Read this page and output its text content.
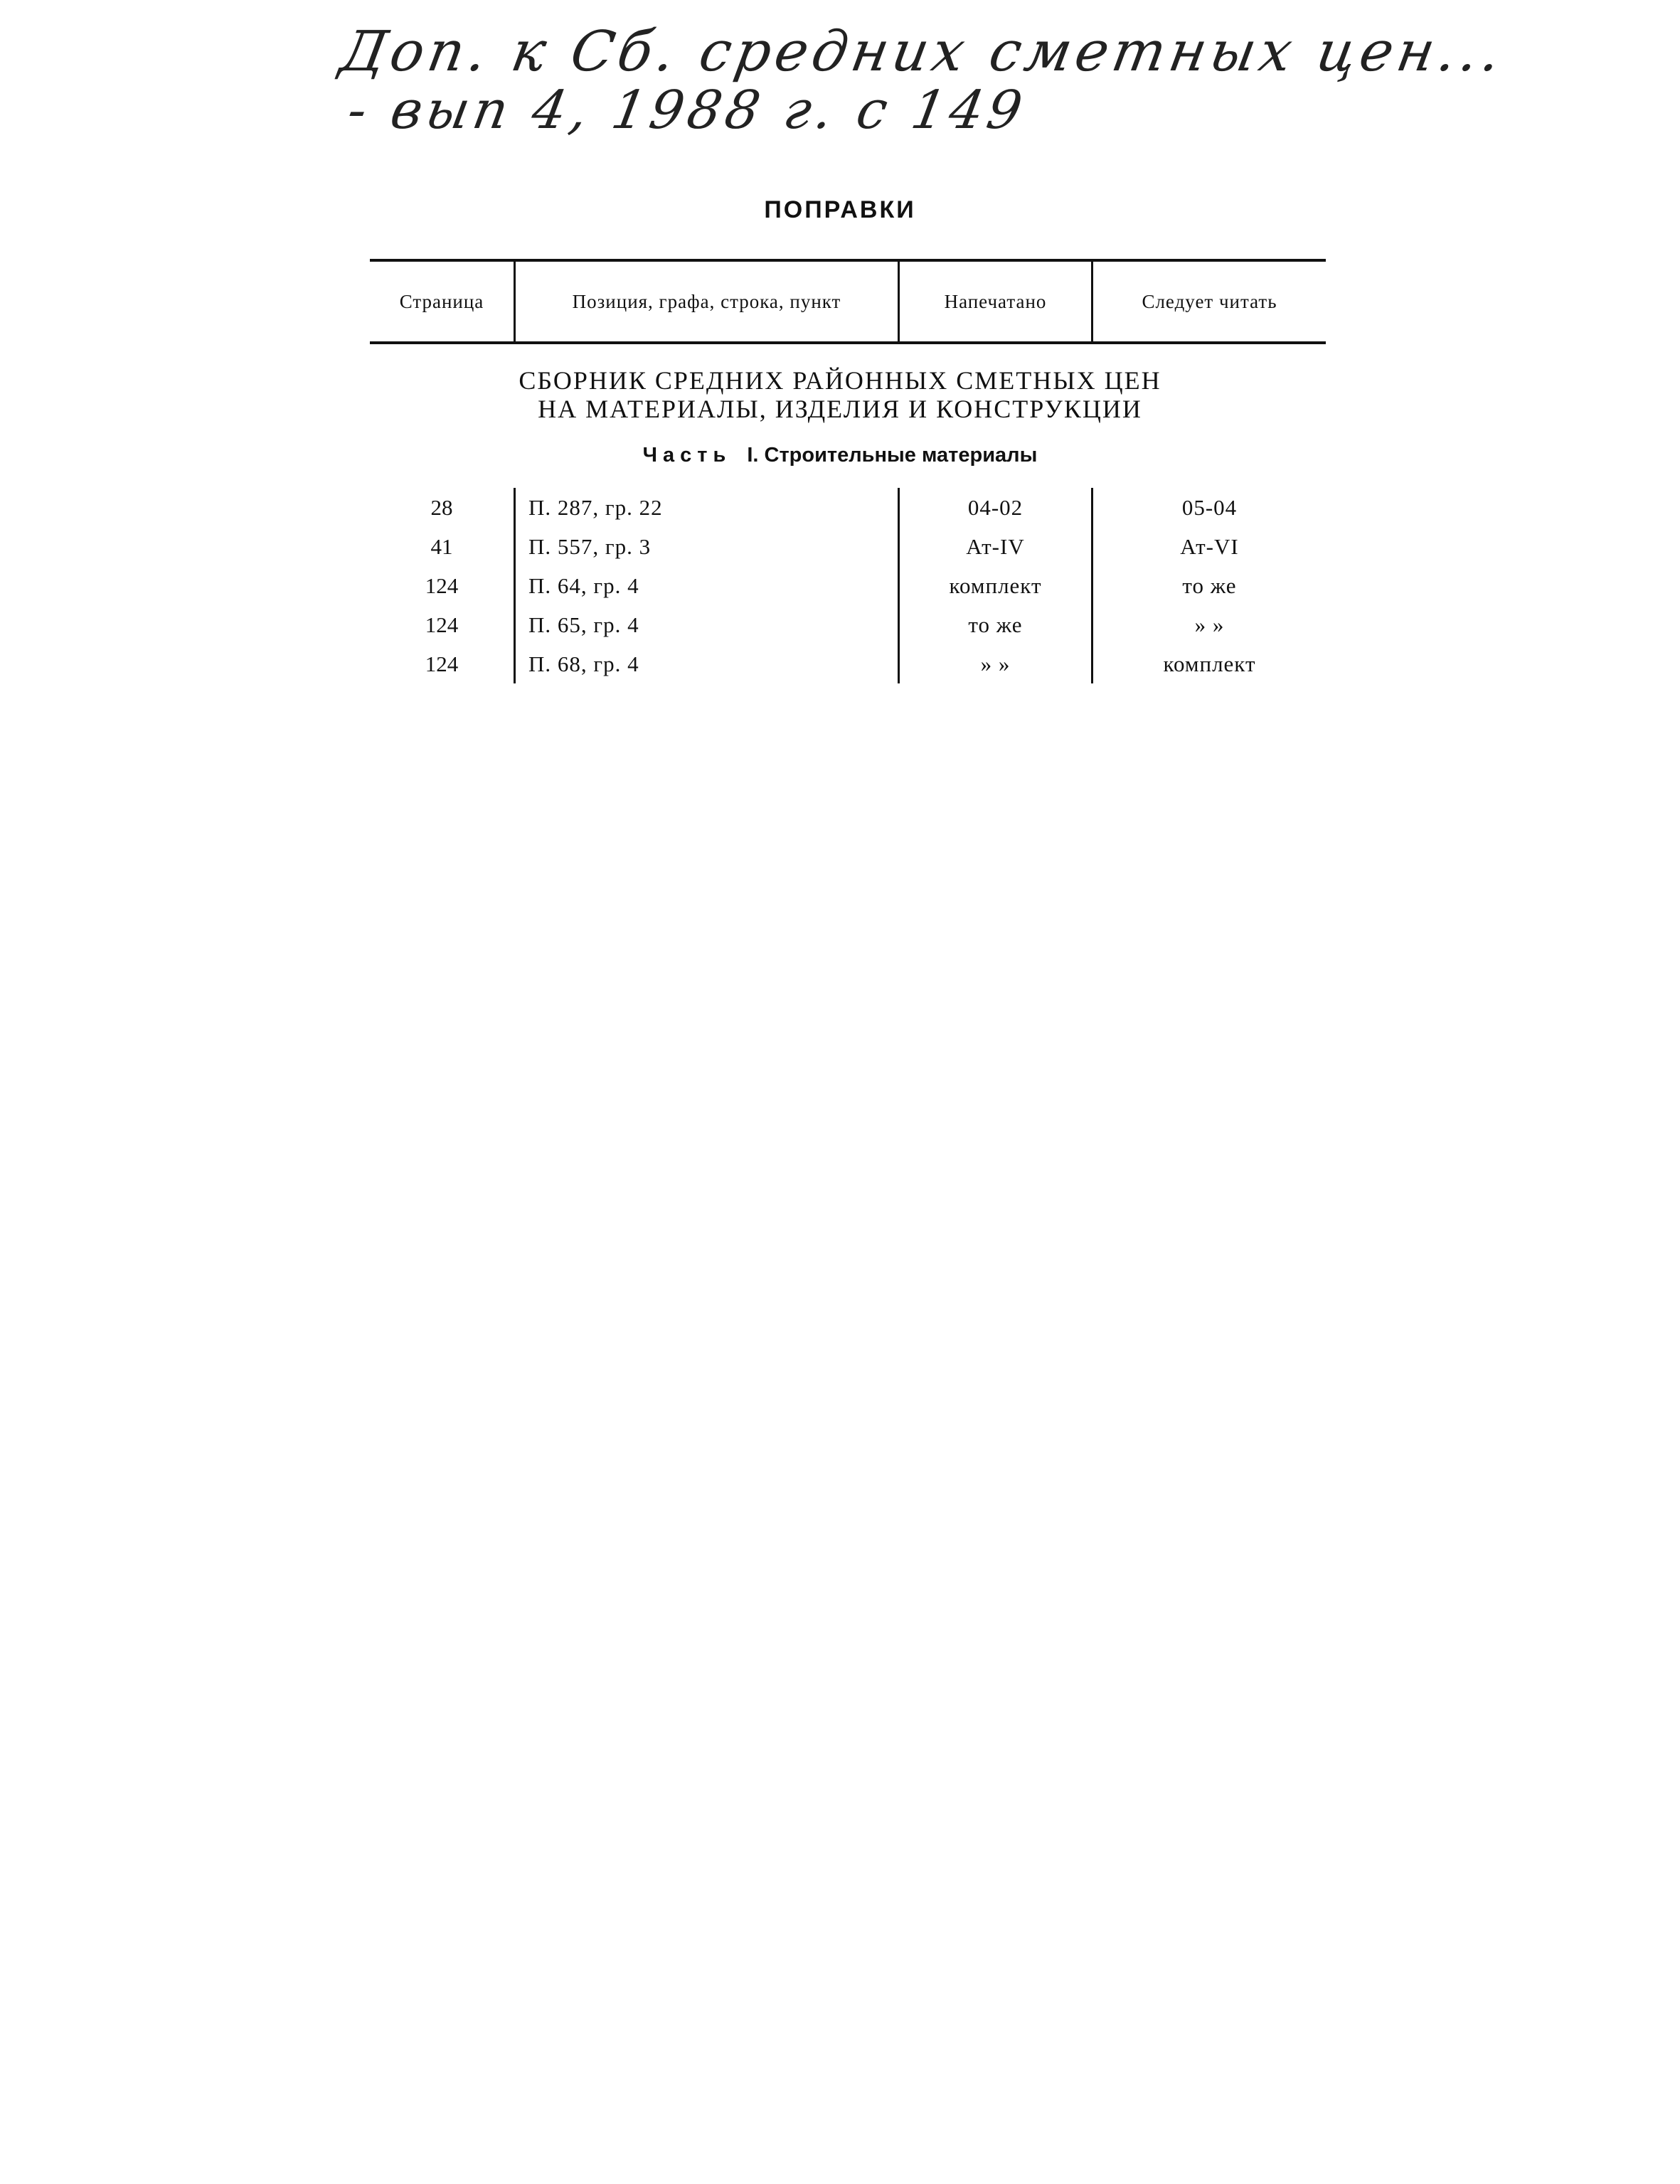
Доп. к Сб. средних сметных цен...
- вып 4, 1988 г. с 149
ПОПРАВКИ
Страница	Позиция, графа, строка, пункт	Напечатано	Следует читать
СБОРНИК СРЕДНИХ РАЙОННЫХ СМЕТНЫХ ЦЕН
НА МАТЕРИАЛЫ, ИЗДЕЛИЯ И КОНСТРУКЦИИ
Часть I. Строительные материалы
28	П. 287, гр. 22	04-02	05-04
41	П. 557, гр. 3	Ат-IV	Ат-VI
124	П. 64, гр. 4	комплект	то же
124	П. 65, гр. 4	то же	» »
124	П. 68, гр. 4	» »	комплект
